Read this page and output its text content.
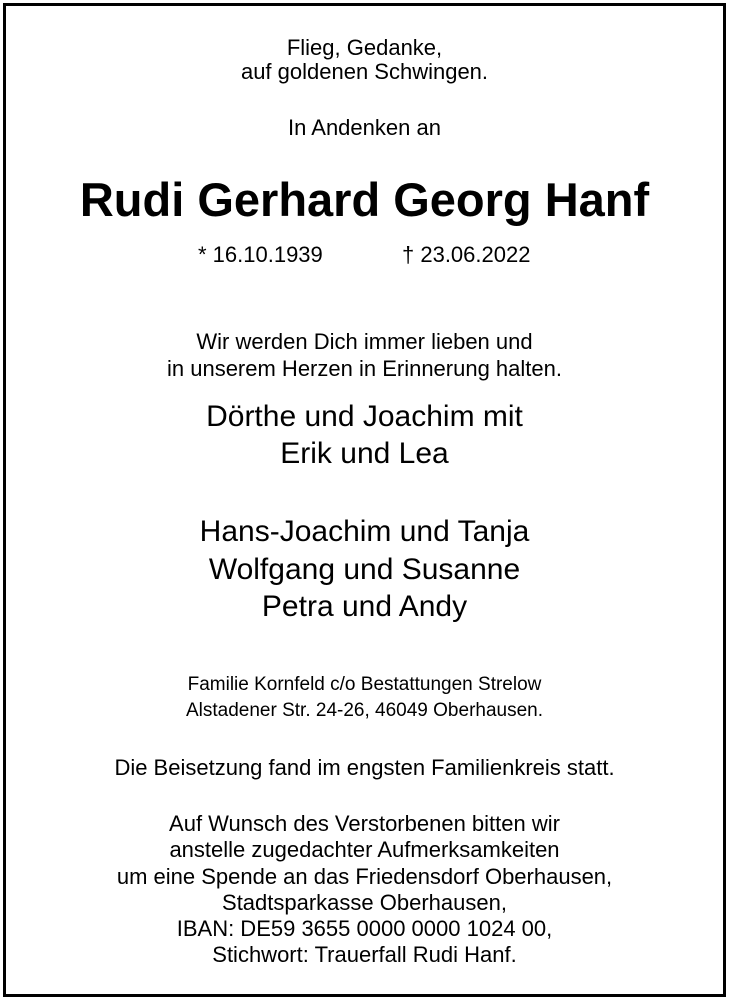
Flieg, Gedanke,
auf goldenen Schwingen.
In Andenken an
Rudi Gerhard Georg Hanf
* 16.10.1939	† 23.06.2022
Wir werden Dich immer lieben und
in unserem Herzen in Erinnerung halten.
Dörthe und Joachim mit
Erik und Lea
Hans-Joachim und Tanja
Wolfgang und Susanne
Petra und Andy
Familie Kornfeld c/o Bestattungen Strelow
Alstadener Str. 24-26, 46049 Oberhausen.
Die Beisetzung fand im engsten Familienkreis statt.
Auf Wunsch des Verstorbenen bitten wir
anstelle zugedachter Aufmerksamkeiten
um eine Spende an das Friedensdorf Oberhausen,
Stadtsparkasse Oberhausen,
IBAN: DE59 3655 0000 0000 1024 00,
Stichwort: Trauerfall Rudi Hanf.
